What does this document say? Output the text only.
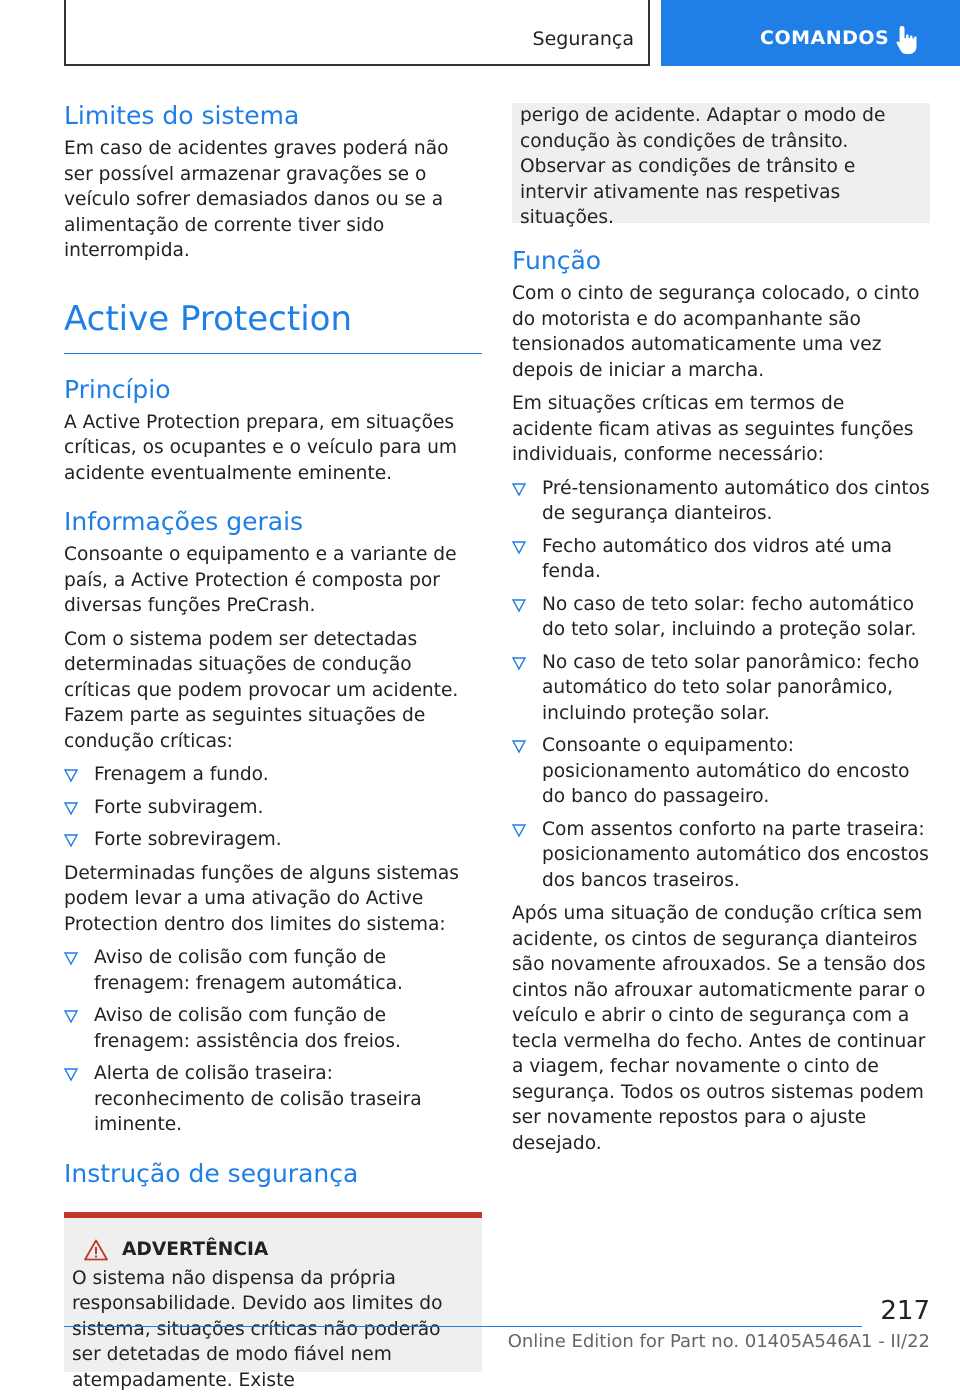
Segurança	COMANDOS
Limites do sistema

Em caso de acidentes graves poderá não ser possível armazenar gravações se o veículo sofrer demasiados danos ou se a alimentação de corrente tiver sido interrompida.

Active Protection
Princípio

A Active Protection prepara, em situações críticas, os ocupantes e o veículo para um acidente eventualmente eminente.

Informações gerais

Consoante o equipamento e a variante de país, a Active Protection é composta por diversas funções PreCrash.

Com o sistema podem ser detectadas determinadas situações de condução críticas que podem provocar um acidente. Fazem parte as seguintes situações de condução críticas:

Frenagem a fundo.
Forte subviragem.
Forte sobreviragem.

Determinadas funções de alguns sistemas podem levar a uma ativação do Active Protection dentro dos limites do sistema:

Aviso de colisão com função de frenagem: frenagem automática.
Aviso de colisão com função de frenagem: assistência dos freios.
Alerta de colisão traseira: reconhecimento de colisão traseira iminente.
Instrução de segurança
ADVERTÊNCIA

O sistema não dispensa da própria responsabilidade. Devido aos limites do sistema, situações críticas não poderão ser detetadas de modo fiável nem atempadamente. Existe

perigo de acidente. Adaptar o modo de condução às condições de trânsito. Observar as condições de trânsito e intervir ativamente nas respetivas situações.

Função

Com o cinto de segurança colocado, o cinto do motorista e do acompanhante são tensionados automaticamente uma vez depois de iniciar a marcha.

Em situações críticas em termos de acidente ficam ativas as seguintes funções individuais, conforme necessário:

Pré-tensionamento automático dos cintos de segurança dianteiros.
Fecho automático dos vidros até uma fenda.
No caso de teto solar: fecho automático do teto solar, incluindo a proteção solar.
No caso de teto solar panorâmico: fecho automático do teto solar panorâmico, incluindo proteção solar.
Consoante o equipamento: posicionamento automático do encosto do banco do passageiro.
Com assentos conforto na parte traseira: posicionamento automático dos encostos dos bancos traseiros.

Após uma situação de condução crítica sem acidente, os cintos de segurança dianteiros são novamente afrouxados. Se a tensão dos cintos não afrouxar automaticmente parar o veículo e abrir o cinto de segurança com a tecla vermelha do fecho. Antes de continuar a viagem, fechar novamente o cinto de segurança. Todos os outros sistemas podem ser novamente repostos para o ajuste desejado.

217
Online Edition for Part no. 01405A546A1 - II/22
